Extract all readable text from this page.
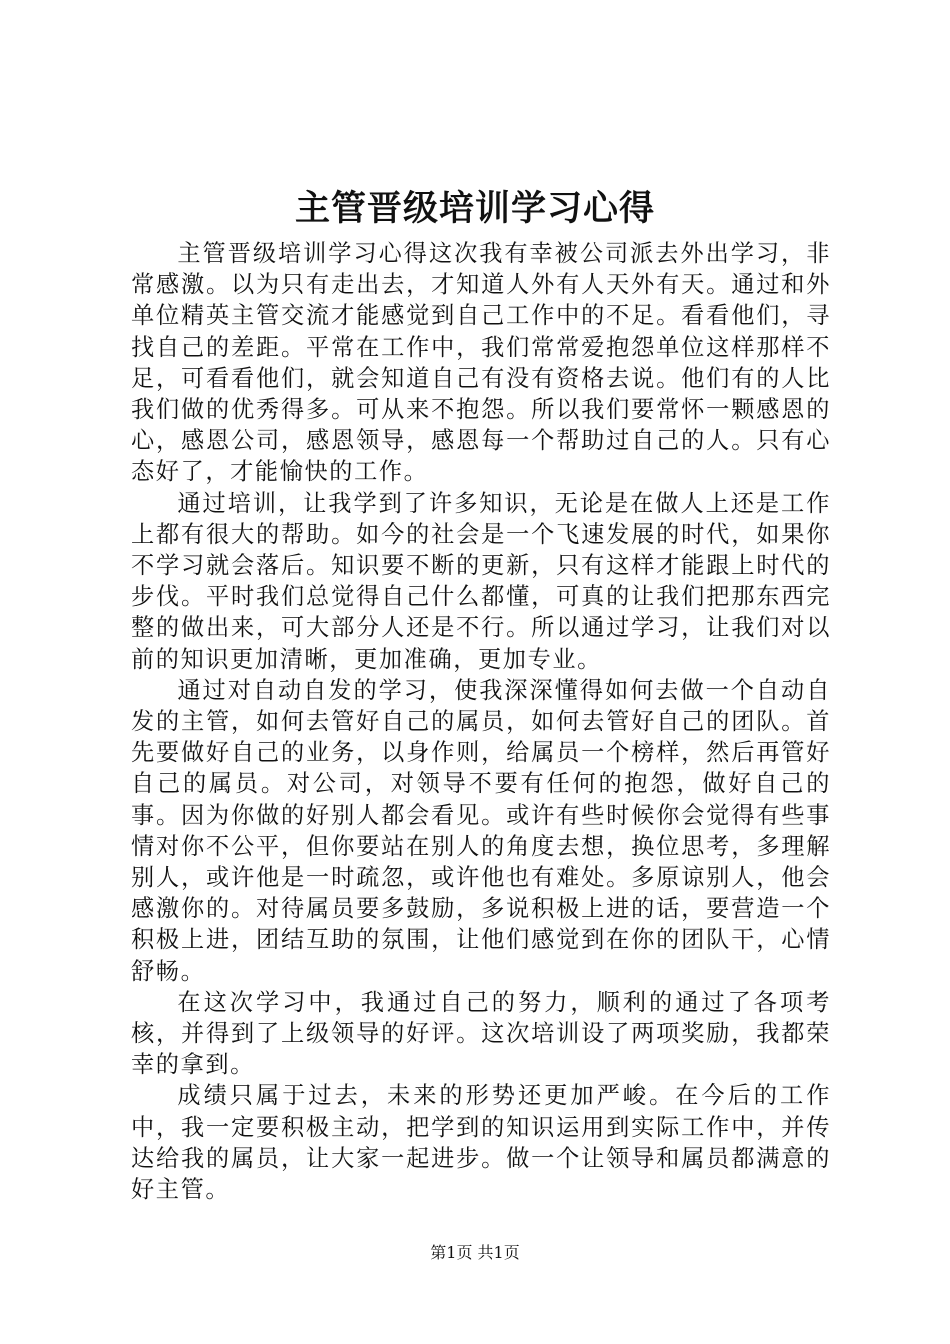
主管晋级培训学习心得

主管晋级培训学习心得这次我有幸被公司派去外出学习，非常感激。以为只有走出去，才知道人外有人天外有天。通过和外单位精英主管交流才能感觉到自己工作中的不足。看看他们，寻找自己的差距。平常在工作中，我们常常爱抱怨单位这样那样不足，可看看他们，就会知道自己有没有资格去说。他们有的人比我们做的优秀得多。可从来不抱怨。所以我们要常怀一颗感恩的心，感恩公司，感恩领导，感恩每一个帮助过自己的人。只有心态好了，才能愉快的工作。

通过培训，让我学到了许多知识，无论是在做人上还是工作上都有很大的帮助。如今的社会是一个飞速发展的时代，如果你不学习就会落后。知识要不断的更新，只有这样才能跟上时代的步伐。平时我们总觉得自己什么都懂，可真的让我们把那东西完整的做出来，可大部分人还是不行。所以通过学习，让我们对以前的知识更加清晰，更加准确，更加专业。

通过对自动自发的学习，使我深深懂得如何去做一个自动自发的主管，如何去管好自己的属员，如何去管好自己的团队。首先要做好自己的业务，以身作则，给属员一个榜样，然后再管好自己的属员。对公司，对领导不要有任何的抱怨，做好自己的事。因为你做的好别人都会看见。或许有些时候你会觉得有些事情对你不公平，但你要站在别人的角度去想，换位思考，多理解别人，或许他是一时疏忽，或许他也有难处。多原谅别人，他会感激你的。对待属员要多鼓励，多说积极上进的话，要营造一个积极上进，团结互助的氛围，让他们感觉到在你的团队干，心情舒畅。

在这次学习中，我通过自己的努力，顺利的通过了各项考核，并得到了上级领导的好评。这次培训设了两项奖励，我都荣幸的拿到。

成绩只属于过去，未来的形势还更加严峻。在今后的工作中，我一定要积极主动，把学到的知识运用到实际工作中，并传达给我的属员，让大家一起进步。做一个让领导和属员都满意的好主管。

第1页 共1页
